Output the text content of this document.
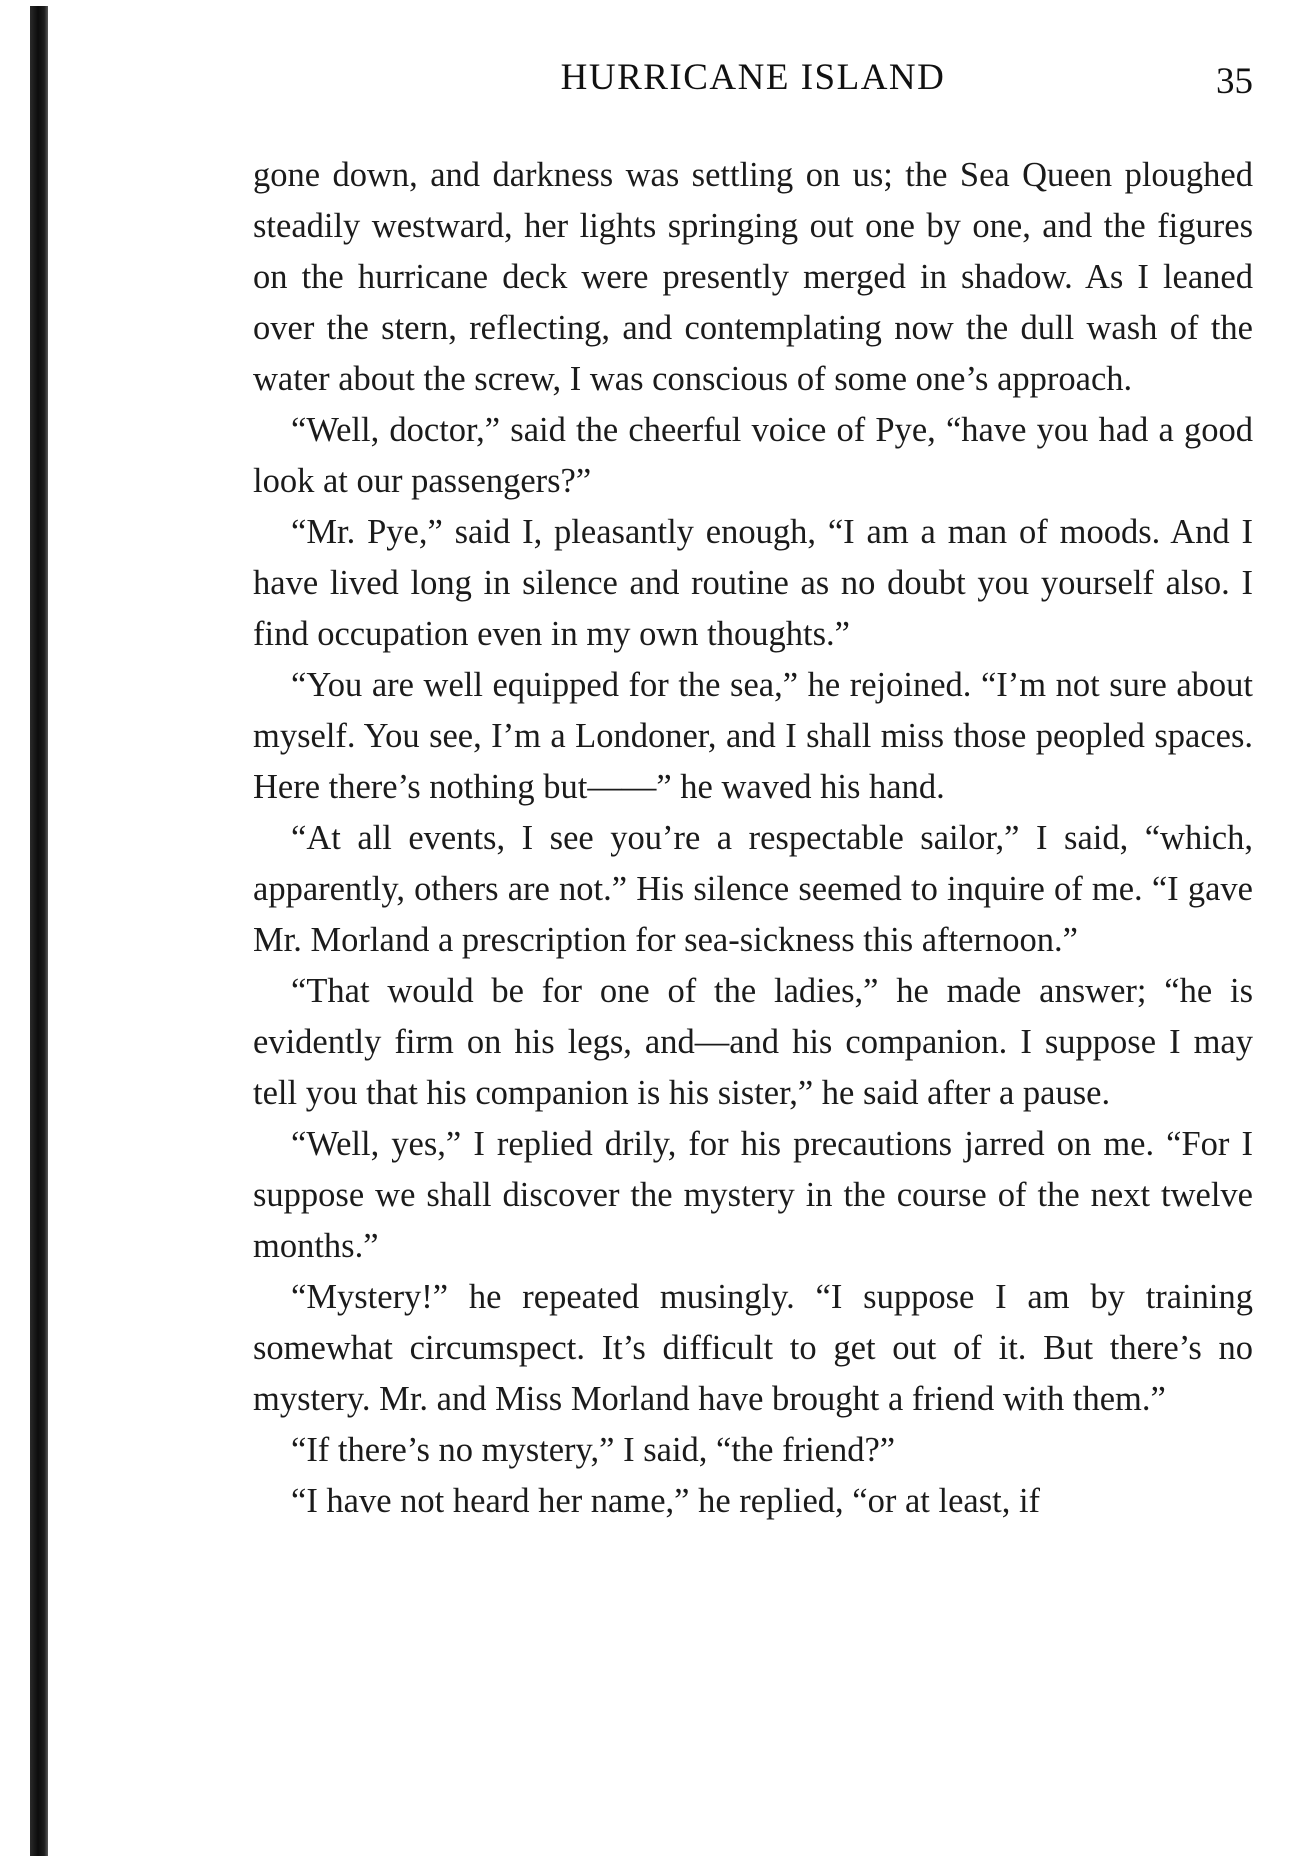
HURRICANE ISLAND	35

gone down, and darkness was settling on us; the Sea Queen ploughed steadily westward, her lights springing out one by one, and the figures on the hurricane deck were presently merged in shadow. As I leaned over the stern, reflecting, and contemplating now the dull wash of the water about the screw, I was conscious of some one’s approach.

“Well, doctor,” said the cheerful voice of Pye, “have you had a good look at our passengers?”

“Mr. Pye,” said I, pleasantly enough, “I am a man of moods. And I have lived long in silence and routine as no doubt you yourself also. I find occupation even in my own thoughts.”

“You are well equipped for the sea,” he rejoined. “I’m not sure about myself. You see, I’m a Londoner, and I shall miss those peopled spaces. Here there’s nothing but——” he waved his hand.

“At all events, I see you’re a respectable sailor,” I said, “which, apparently, others are not.” His silence seemed to inquire of me. “I gave Mr. Morland a prescription for sea-sickness this afternoon.”

“That would be for one of the ladies,” he made answer; “he is evidently firm on his legs, and—and his companion. I suppose I may tell you that his companion is his sister,” he said after a pause.

“Well, yes,” I replied drily, for his precautions jarred on me. “For I suppose we shall discover the mystery in the course of the next twelve months.”

“Mystery!” he repeated musingly. “I suppose I am by training somewhat circumspect. It’s difficult to get out of it. But there’s no mystery. Mr. and Miss Morland have brought a friend with them.”

“If there’s no mystery,” I said, “the friend?”

“I have not heard her name,” he replied, “or at least, if
